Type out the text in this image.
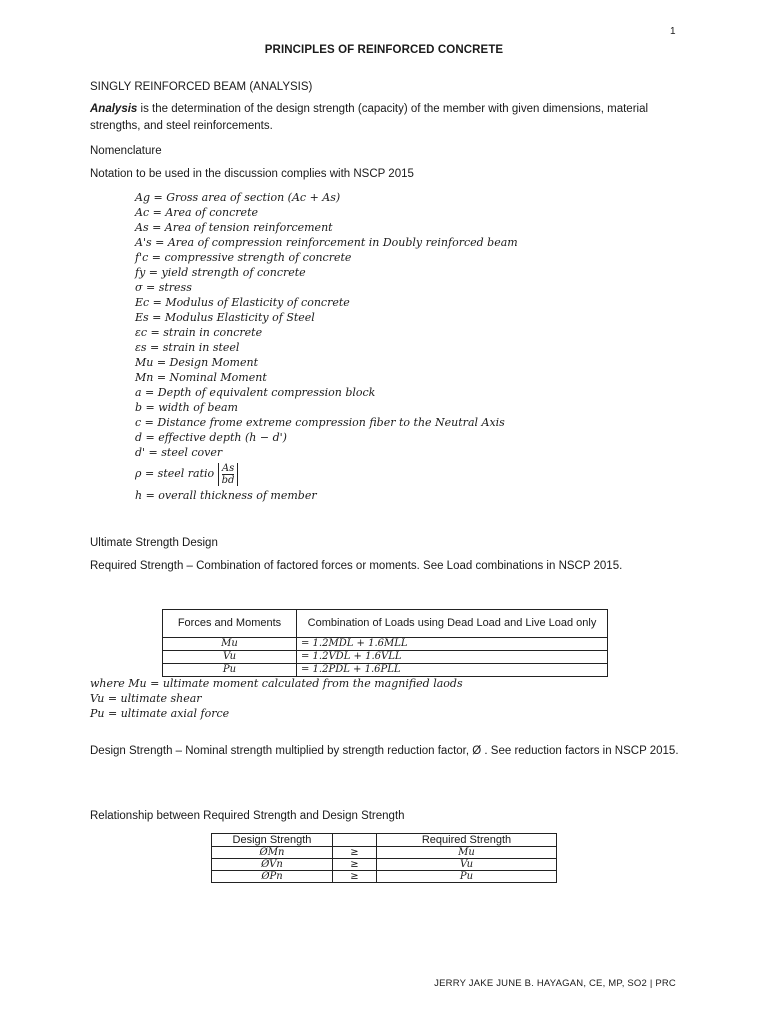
1
PRINCIPLES OF REINFORCED CONCRETE
SINGLY REINFORCED BEAM (ANALYSIS)
Analysis is the determination of the design strength (capacity) of the member with given dimensions, material strengths, and steel reinforcements.
Nomenclature
Notation to be used in the discussion complies with NSCP 2015
Ag = Gross area of section (Ac + As)
Ac = Area of concrete
As = Area of tension reinforcement
A's = Area of compression reinforcement in Doubly reinforced beam
f'c = compressive strength of concrete
fy = yield strength of concrete
σ = stress
Ec = Modulus of Elasticity of concrete
Es = Modulus Elasticity of Steel
εc = strain in concrete
εs = strain in steel
Mu = Design Moment
Mn = Nominal Moment
a = Depth of equivalent compression block
b = width of beam
c = Distance frome extreme compression fiber to the Neutral Axis
d = effective depth (h − d')
d' = steel cover
ρ = steel ratio $\frac{As}{bd}$
h = overall thickness of member
Ultimate Strength Design
Required Strength – Combination of factored forces or moments. See Load combinations in NSCP 2015.
Forces and Moments	Combination of Loads using Dead Load and Live Load only
Mu	= 1.2MDL + 1.6MLL
Vu	= 1.2VDL + 1.6VLL
Pu	= 1.2PDL + 1.6PLL
where Mu = ultimate moment calculated from the magnified laods
Vu = ultimate shear
Pu = ultimate axial force
Design Strength – Nominal strength multiplied by strength reduction factor, Ø . See reduction factors in NSCP 2015.
Relationship between Required Strength and Design Strength
Design Strength		Required Strength
ØMn	≥	Mu
ØVn	≥	Vu
ØPn	≥	Pu
JERRY JAKE JUNE B. HAYAGAN, CE, MP, SO2 | PRC
